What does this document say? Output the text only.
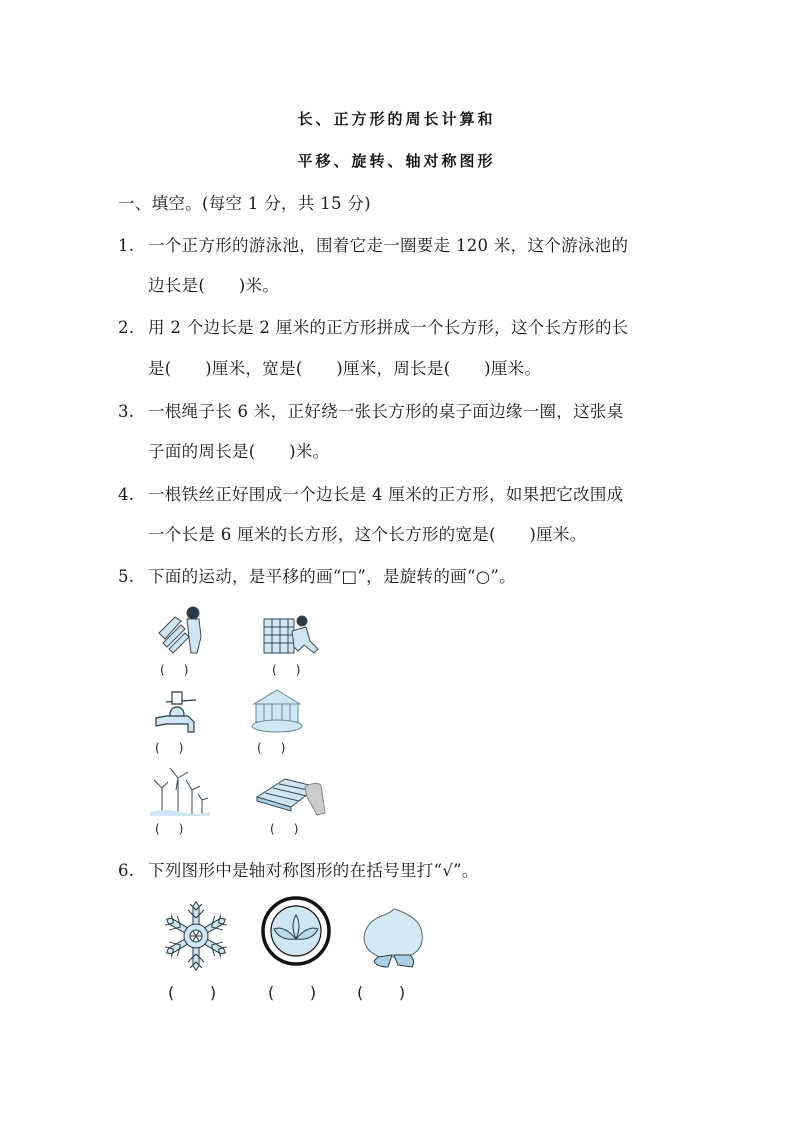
长、正方形的周长计算和
平移、旋转、轴对称图形
一、填空。(每空 1 分，共 15 分)
1. 一个正方形的游泳池，围着它走一圈要走 120 米，这个游泳池的
边长是(　　)米。
2. 用 2 个边长是 2 厘米的正方形拼成一个长方形，这个长方形的长
是(　　)厘米，宽是(　　)厘米，周长是(　　)厘米。
3. 一根绳子长 6 米，正好绕一张长方形的桌子面边缘一圈，这张桌
子面的周长是(　　)米。
4. 一根铁丝正好围成一个边长是 4 厘米的正方形，如果把它改围成
一个长是 6 厘米的长方形，这个长方形的宽是(　　)厘米。
5. 下面的运动，是平移的画“□”，是旋转的画“○”。
(     )	(     )
(     )	(     )
(     )	(     )
6. 下列图形中是轴对称图形的在括号里打“√”。
(       )	(       )	(       )
